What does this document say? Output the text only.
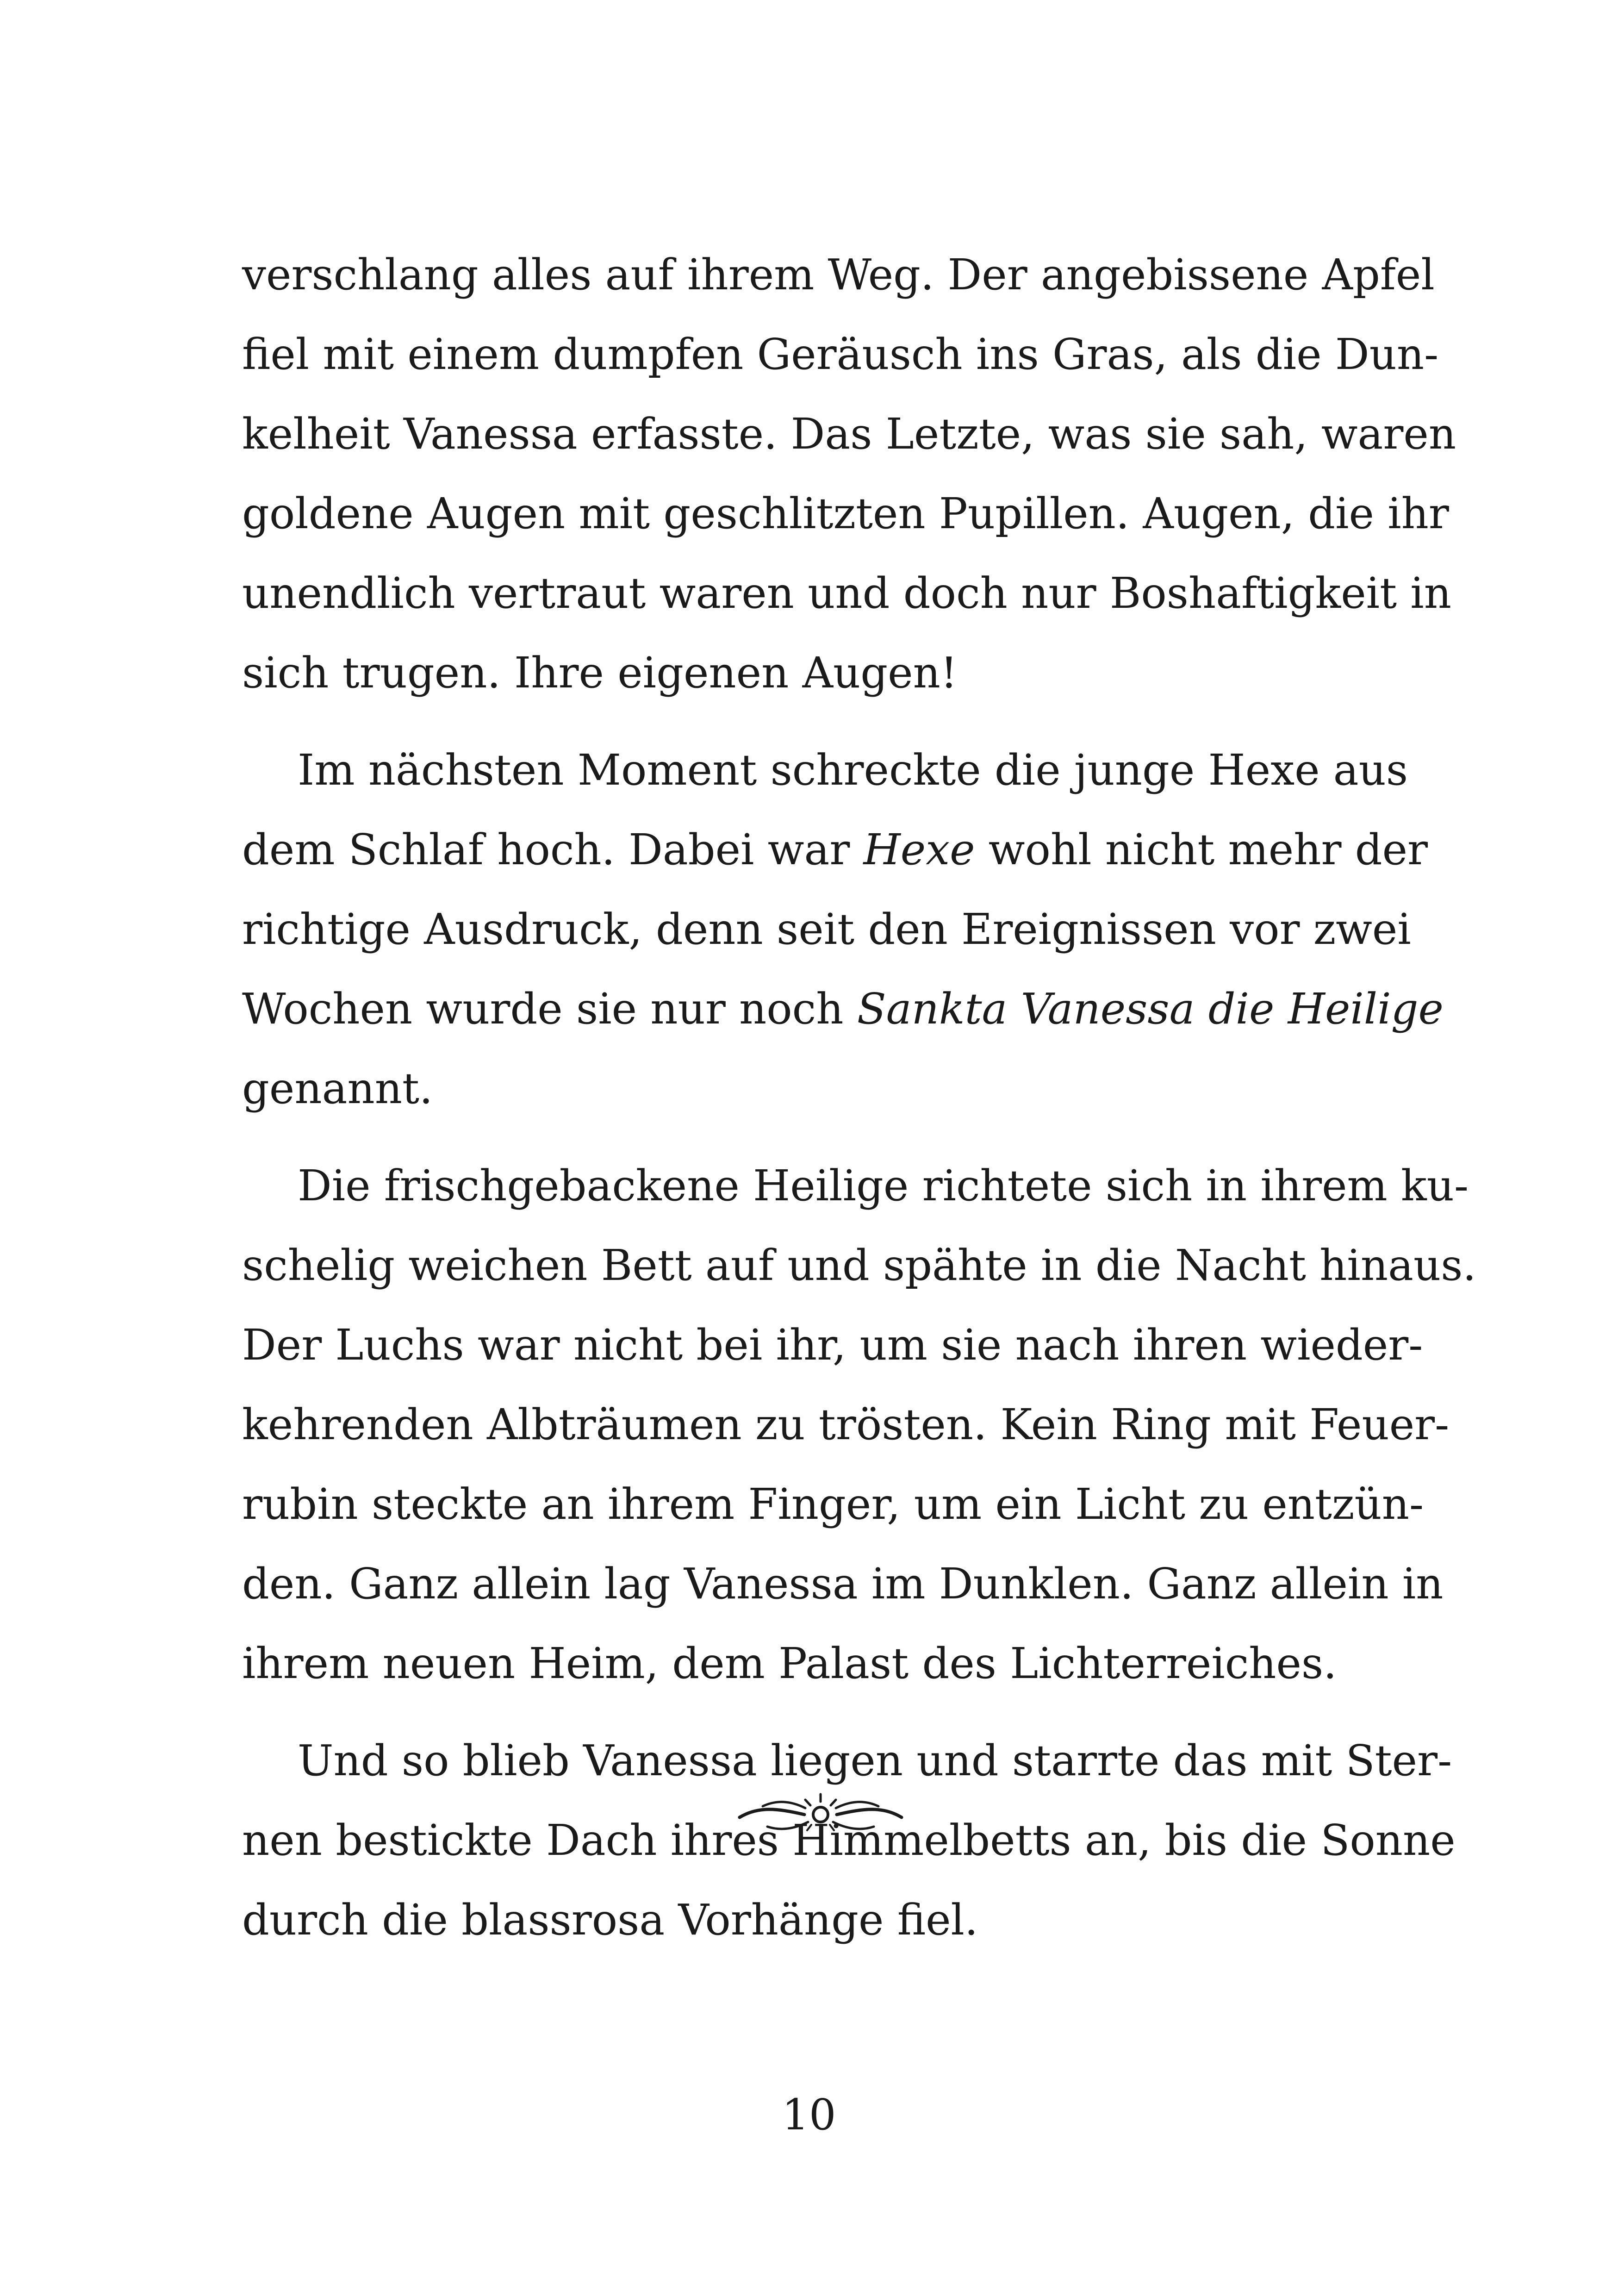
verschlang alles auf ihrem Weg. Der angebissene Apfel
fiel mit einem dumpfen Geräusch ins Gras, als die Dun-
kelheit Vanessa erfasste. Das Letzte, was sie sah, waren
goldene Augen mit geschlitzten Pupillen. Augen, die ihr
unendlich vertraut waren und doch nur Boshaftigkeit in
sich trugen. Ihre eigenen Augen!
Im nächsten Moment schreckte die junge Hexe aus
dem Schlaf hoch. Dabei war Hexe wohl nicht mehr der
richtige Ausdruck, denn seit den Ereignissen vor zwei
Wochen wurde sie nur noch Sankta Vanessa die Heilige
genannt.
Die frischgebackene Heilige richtete sich in ihrem ku-
schelig weichen Bett auf und spähte in die Nacht hinaus.
Der Luchs war nicht bei ihr, um sie nach ihren wieder-
kehrenden Albträumen zu trösten. Kein Ring mit Feuer-
rubin steckte an ihrem Finger, um ein Licht zu entzün-
den. Ganz allein lag Vanessa im Dunklen. Ganz allein in
ihrem neuen Heim, dem Palast des Lichterreiches.
Und so blieb Vanessa liegen und starrte das mit Ster-
nen bestickte Dach ihres Himmelbetts an, bis die Sonne
durch die blassrosa Vorhänge fiel.
10
